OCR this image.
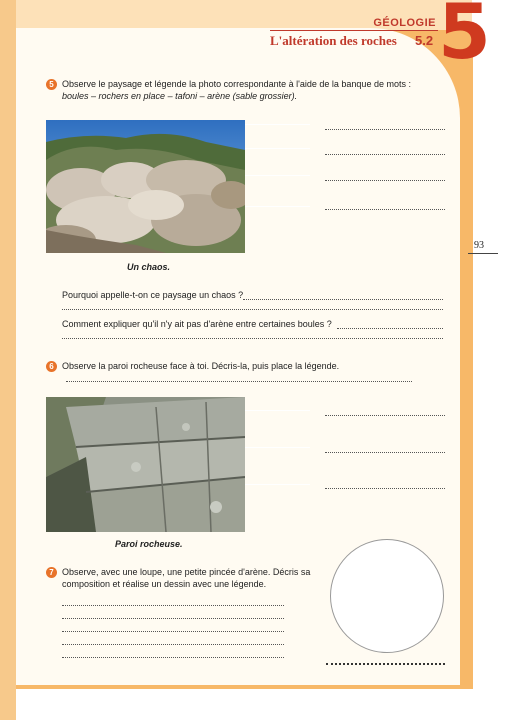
GÉOLOGIE
L'altération des roches 5.2 5
93
5 Observe le paysage et légende la photo correspondante à l'aide de la banque de mots :
boules – rochers en place – tafoni – arène (sable grossier).
Un chaos.
Pourquoi appelle-t-on ce paysage un chaos ?
Comment expliquer qu'il n'y ait pas d'arène entre certaines boules ?
6 Observe la paroi rocheuse face à toi. Décris-la, puis place la légende.
Paroi rocheuse.
7 Observe, avec une loupe, une petite pincée d'arène. Décris sa
composition et réalise un dessin avec une légende.
